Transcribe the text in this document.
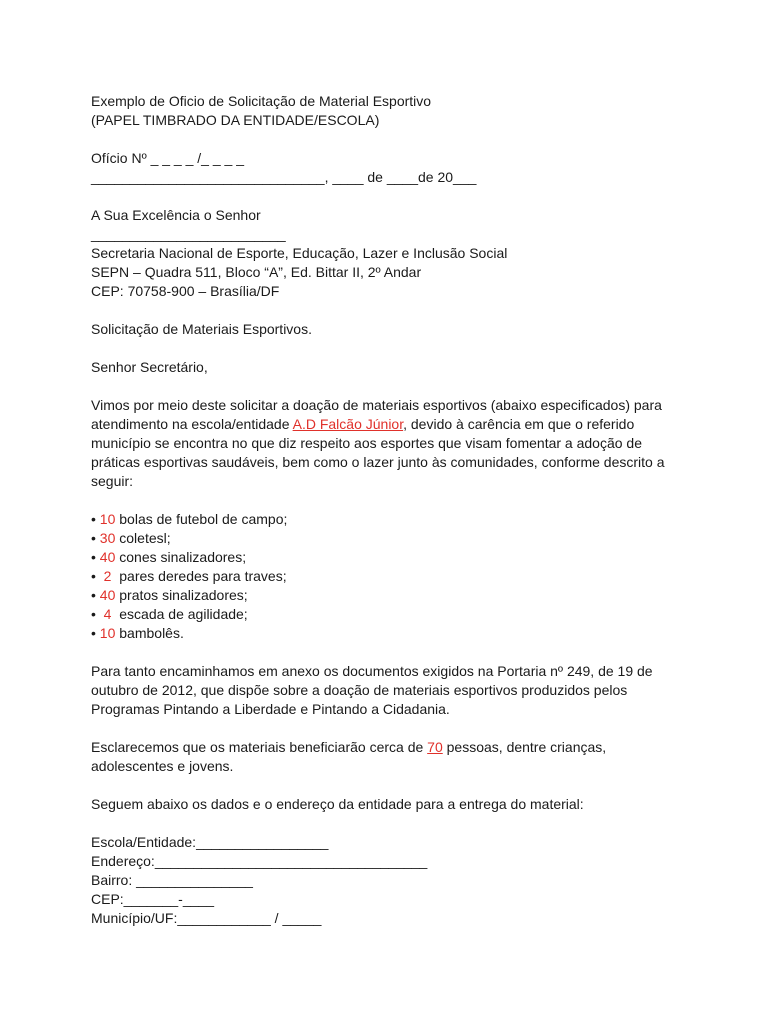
Exemplo de Oficio de Solicitação de Material Esportivo

(PAPEL TIMBRADO DA ENTIDADE/ESCOLA)

Ofício Nº _ _ _ _ /_ _ _ _

______________________________, ____ de ____de 20___

A Sua Excelência o Senhor

_________________________

Secretaria Nacional de Esporte, Educação, Lazer e Inclusão Social

SEPN – Quadra 511, Bloco “A”, Ed. Bittar II, 2º Andar

CEP: 70758-900 – Brasília/DF

Solicitação de Materiais Esportivos.

Senhor Secretário,

Vimos por meio deste solicitar a doação de materiais esportivos (abaixo especificados) para atendimento na escola/entidade A.D Falcão Júnior, devido à carência em que o referido município se encontra no que diz respeito aos esportes que visam fomentar a adoção de práticas esportivas saudáveis, bem como o lazer junto às comunidades, conforme descrito a seguir:

• 10 bolas de futebol de campo;
• 30 coletesl;
• 40 cones sinalizadores;
•  2  pares deredes para traves;
• 40 pratos sinalizadores;
•  4  escada de agilidade;
• 10 bambolês.

Para tanto encaminhamos em anexo os documentos exigidos na Portaria nº 249, de 19 de outubro de 2012, que dispõe sobre a doação de materiais esportivos produzidos pelos Programas Pintando a Liberdade e Pintando a Cidadania.

Esclarecemos que os materiais beneficiarão cerca de 70 pessoas, dentre crianças, adolescentes e jovens.

Seguem abaixo os dados e o endereço da entidade para a entrega do material:

Escola/Entidade:_________________

Endereço:___________________________________

Bairro: _______________

CEP:_______-____

Município/UF:____________ / _____
